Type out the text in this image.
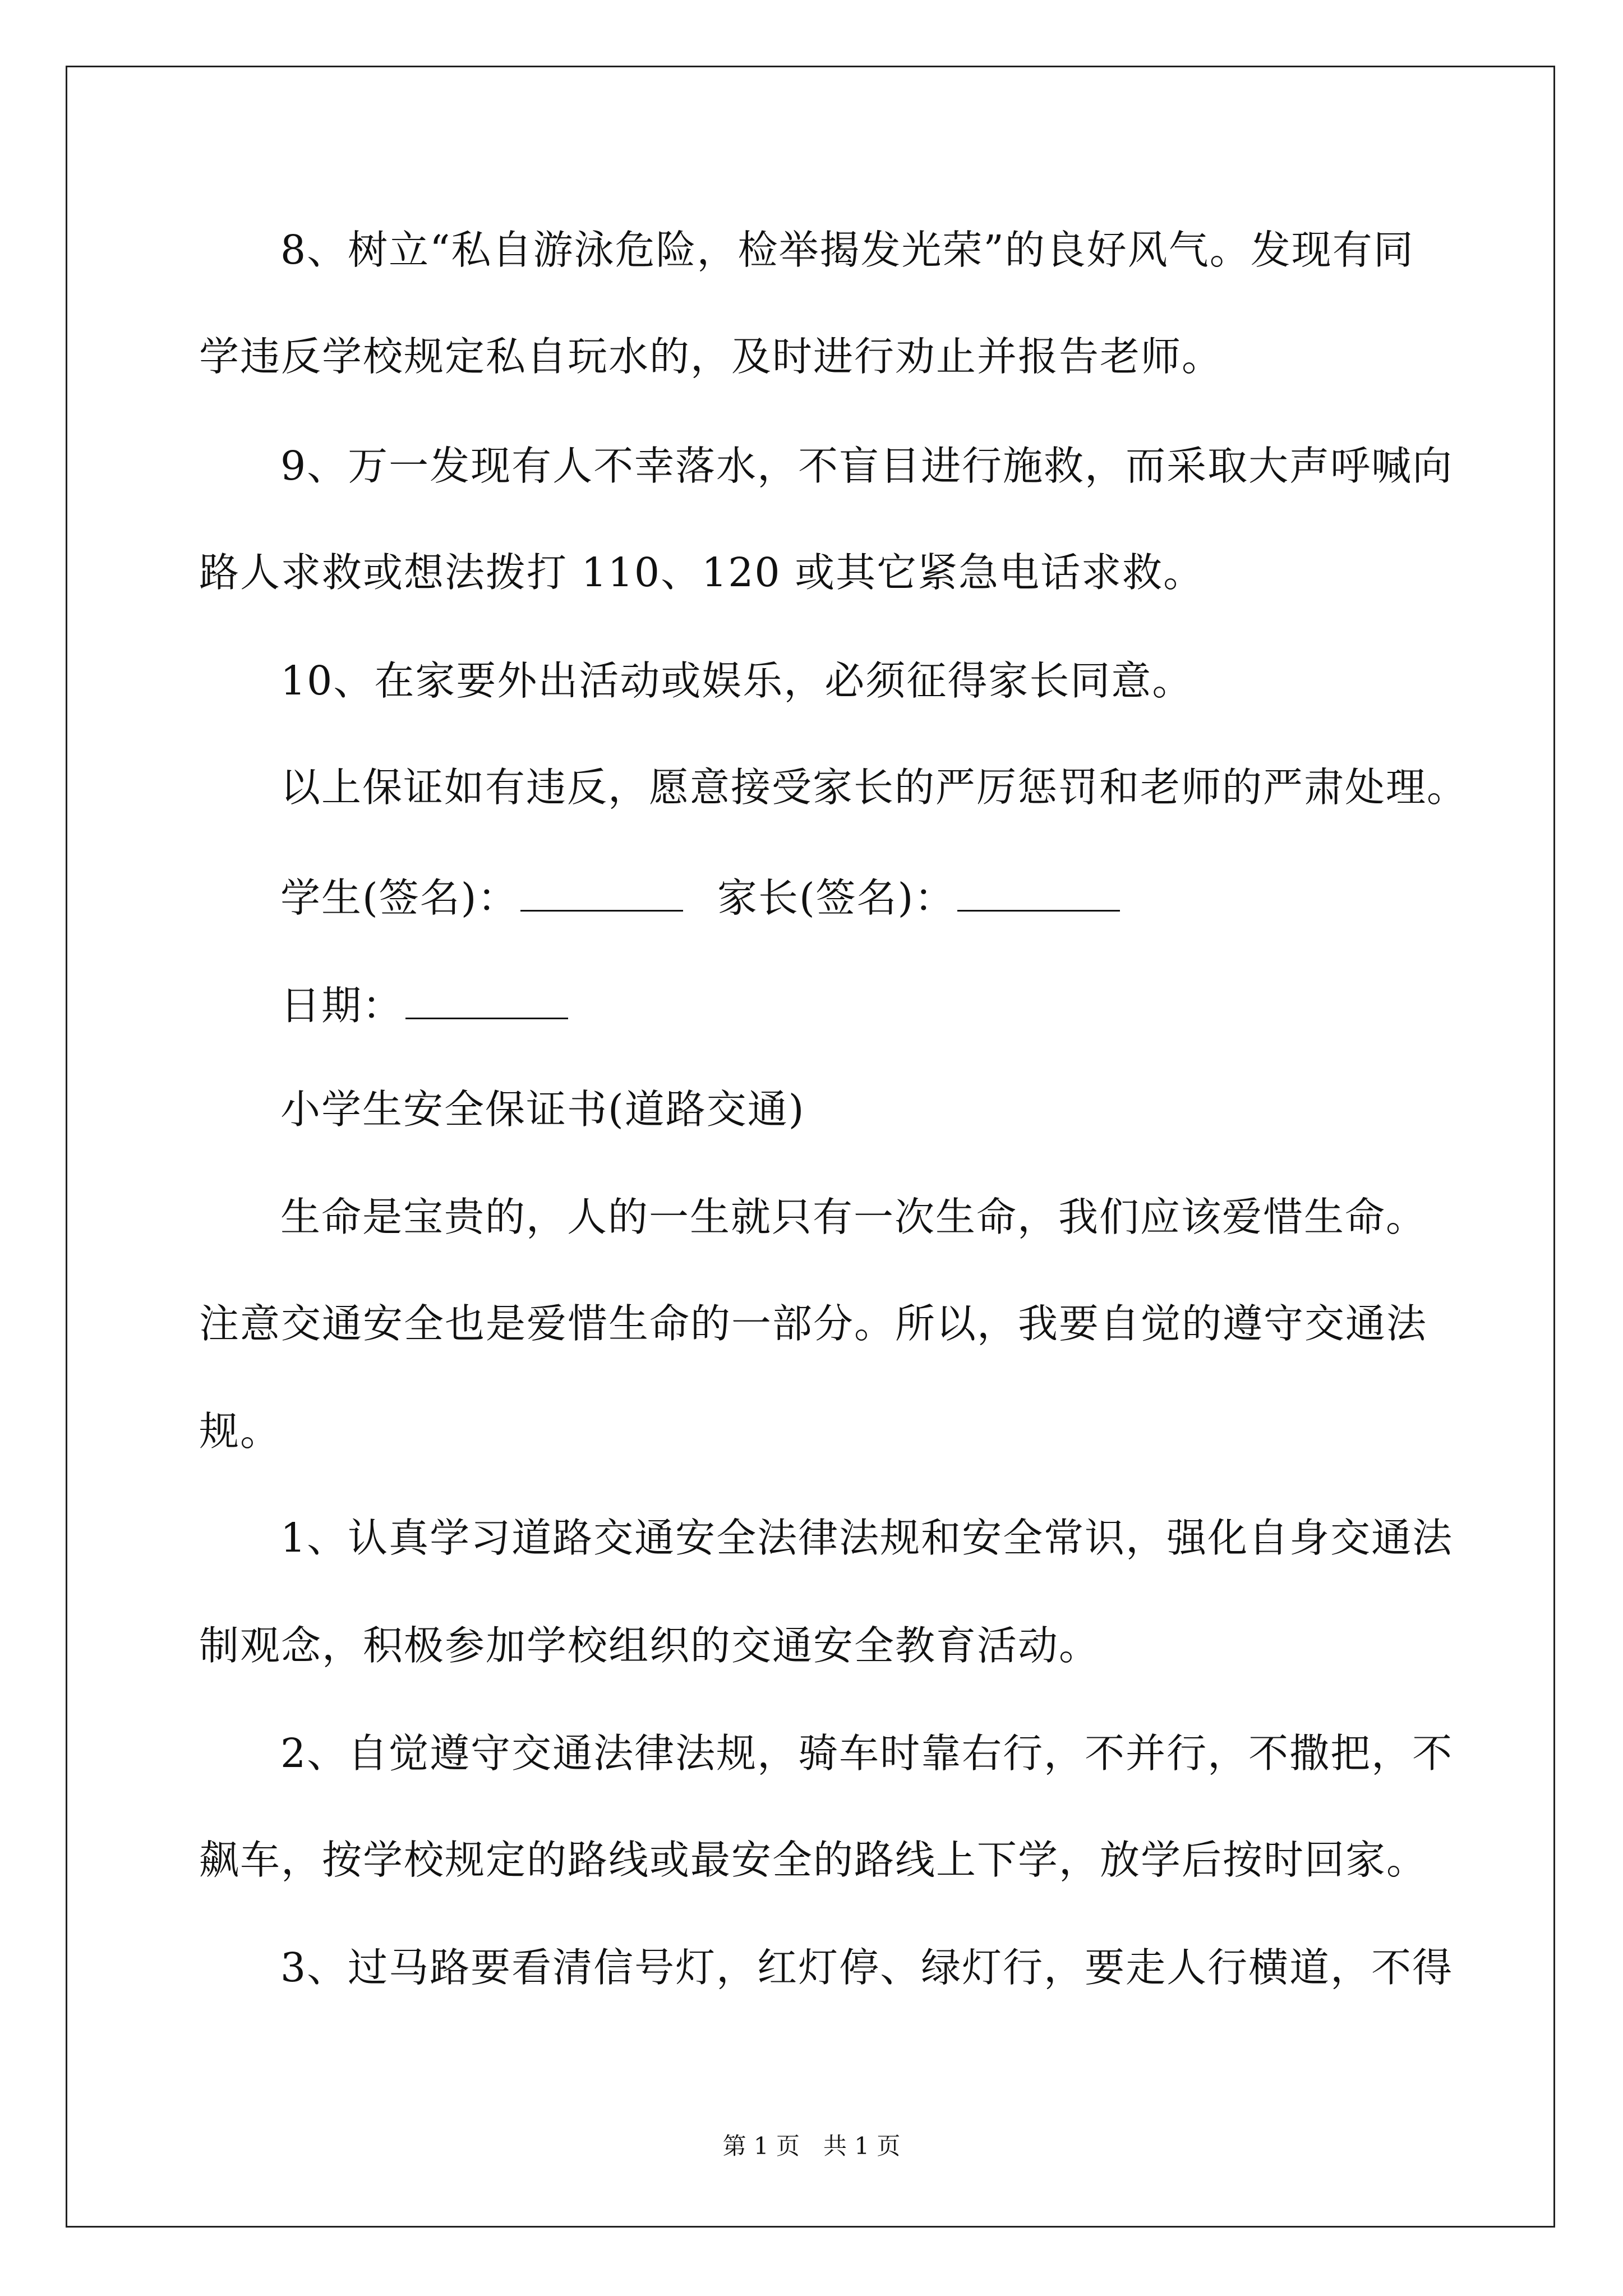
8、树立“私自游泳危险，检举揭发光荣”的良好风气。发现有同
学违反学校规定私自玩水的，及时进行劝止并报告老师。
9、万一发现有人不幸落水，不盲目进行施救，而采取大声呼喊向
路人求救或想法拨打 110、120 或其它紧急电话求救。
10、在家要外出活动或娱乐，必须征得家长同意。
以上保证如有违反，愿意接受家长的严厉惩罚和老师的严肃处理。
学生(签名)：	家长(签名)：
日期：
小学生安全保证书(道路交通)
生命是宝贵的，人的一生就只有一次生命，我们应该爱惜生命。
注意交通安全也是爱惜生命的一部分。所以，我要自觉的遵守交通法
规。
1、认真学习道路交通安全法律法规和安全常识，强化自身交通法
制观念，积极参加学校组织的交通安全教育活动。
2、自觉遵守交通法律法规，骑车时靠右行，不并行，不撒把，不
飙车，按学校规定的路线或最安全的路线上下学，放学后按时回家。
3、过马路要看清信号灯，红灯停、绿灯行，要走人行横道，不得
第 1 页　共 1 页
